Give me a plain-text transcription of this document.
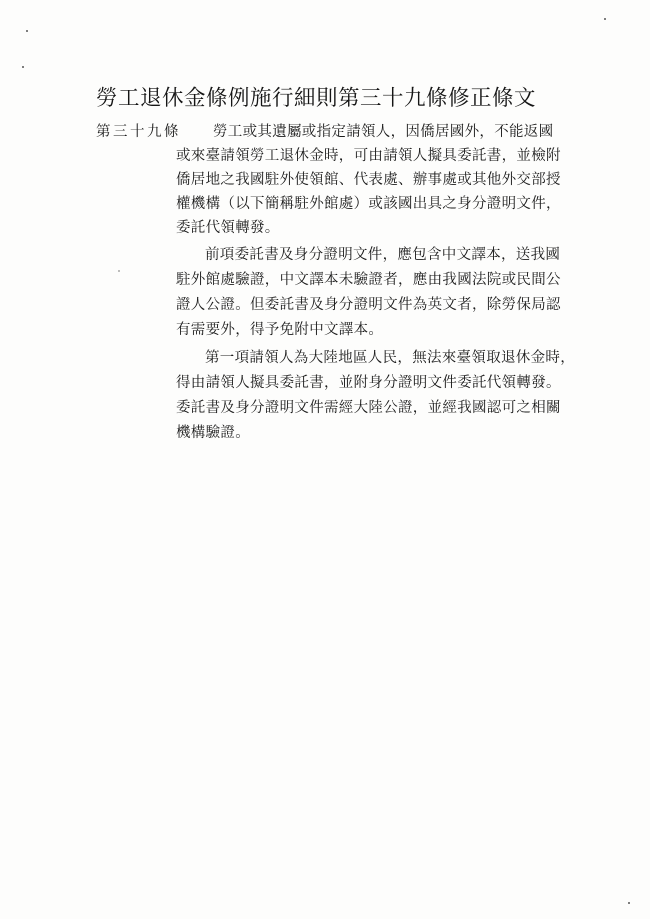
勞工退休金條例施行細則第三十九條修正條文
第三十九條 勞工或其遺屬或指定請領人，因僑居國外，不能返國
或來臺請領勞工退休金時，可由請領人擬具委託書，並檢附
僑居地之我國駐外使領館、代表處、辦事處或其他外交部授
權機構（以下簡稱駐外館處）或該國出具之身分證明文件，
委託代領轉發。
前項委託書及身分證明文件，應包含中文譯本，送我國
駐外館處驗證，中文譯本未驗證者，應由我國法院或民間公
證人公證。但委託書及身分證明文件為英文者，除勞保局認
有需要外，得予免附中文譯本。
第一項請領人為大陸地區人民，無法來臺領取退休金時，
得由請領人擬具委託書，並附身分證明文件委託代領轉發。
委託書及身分證明文件需經大陸公證，並經我國認可之相關
機構驗證。
